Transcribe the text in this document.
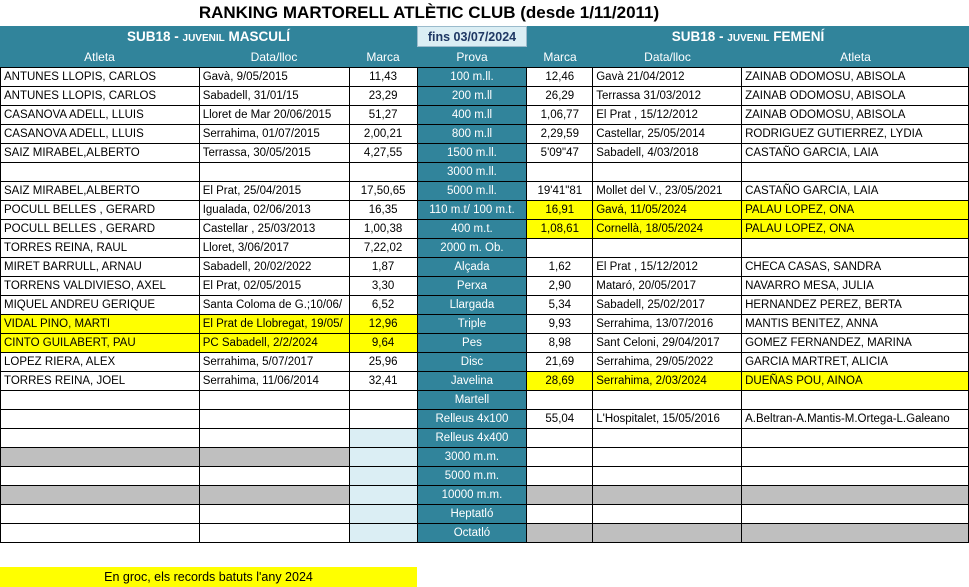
RANKING MARTORELL ATLÈTIC CLUB (desde 1/11/2011)
SUB18 - JUVENIL MASCULÍ	fins 03/07/2024	SUB18 - JUVENIL FEMENÍ
Atleta	Data/lloc	Marca	Prova	Marca	Data/lloc	Atleta
ANTUNES LLOPIS, CARLOS	Gavà, 9/05/2015	11,43	100 m.ll.	12,46	Gavà 21/04/2012	ZAINAB ODOMOSU, ABISOLA
ANTUNES LLOPIS, CARLOS	Sabadell, 31/01/15	23,29	200 m.ll	26,29	Terrassa 31/03/2012	ZAINAB ODOMOSU, ABISOLA
CASANOVA ADELL, LLUIS	Lloret de Mar 20/06/2015	51,27	400 m.ll	1,06,77	El Prat , 15/12/2012	ZAINAB ODOMOSU, ABISOLA
CASANOVA ADELL, LLUIS	Serrahima, 01/07/2015	2,00,21	800 m.ll	2,29,59	Castellar, 25/05/2014	RODRIGUEZ GUTIERREZ, LYDIA
SAIZ MIRABEL,ALBERTO	Terrassa, 30/05/2015	4,27,55	1500 m.ll.	5'09"47	Sabadell, 4/03/2018	CASTAÑO GARCIA, LAIA
			3000 m.ll.			
SAIZ MIRABEL,ALBERTO	El Prat, 25/04/2015	17,50,65	5000 m.ll.	19'41"81	Mollet del V., 23/05/2021	CASTAÑO GARCIA, LAIA
POCULL BELLES , GERARD	Igualada, 02/06/2013	16,35	110 m.t/ 100 m.t.	16,91	Gavá, 11/05/2024	PALAU LOPEZ, ONA
POCULL BELLES , GERARD	Castellar , 25/03/2013	1,00,38	400 m.t.	1,08,61	Cornellà, 18/05/2024	PALAU LOPEZ, ONA
TORRES REINA, RAUL	Lloret, 3/06/2017	7,22,02	2000 m. Ob.			
MIRET BARRULL, ARNAU	Sabadell, 20/02/2022	1,87	Alçada	1,62	El Prat , 15/12/2012	CHECA CASAS, SANDRA
TORRENS VALDIVIESO, AXEL	El Prat, 02/05/2015	3,30	Perxa	2,90	Mataró, 20/05/2017	NAVARRO MESA, JULIA
MIQUEL ANDREU GERIQUE	Santa Coloma de G.;10/06/	6,52	Llargada	5,34	Sabadell, 25/02/2017	HERNANDEZ PEREZ, BERTA
VIDAL PINO, MARTI	El Prat de Llobregat, 19/05/	12,96	Triple	9,93	Serrahima, 13/07/2016	MANTIS BENITEZ, ANNA
CINTO GUILABERT, PAU	PC Sabadell, 2/2/2024	9,64	Pes	8,98	Sant Celoni, 29/04/2017	GOMEZ FERNANDEZ, MARINA
LOPEZ RIERA, ALEX	Serrahima, 5/07/2017	25,96	Disc	21,69	Serrahima, 29/05/2022	GARCIA MARTRET, ALICIA
TORRES REINA, JOEL	Serrahima, 11/06/2014	32,41	Javelina	28,69	Serrahima, 2/03/2024	DUEÑAS POU, AINOA
			Martell			
			Relleus 4x100	55,04	L'Hospitalet, 15/05/2016	A.Beltran-A.Mantis-M.Ortega-L.Galeano
			Relleus 4x400			
			3000 m.m.			
			5000 m.m.			
			10000 m.m.			
			Heptatló			
			Octatló			
En groc, els records batuts l'any 2024
